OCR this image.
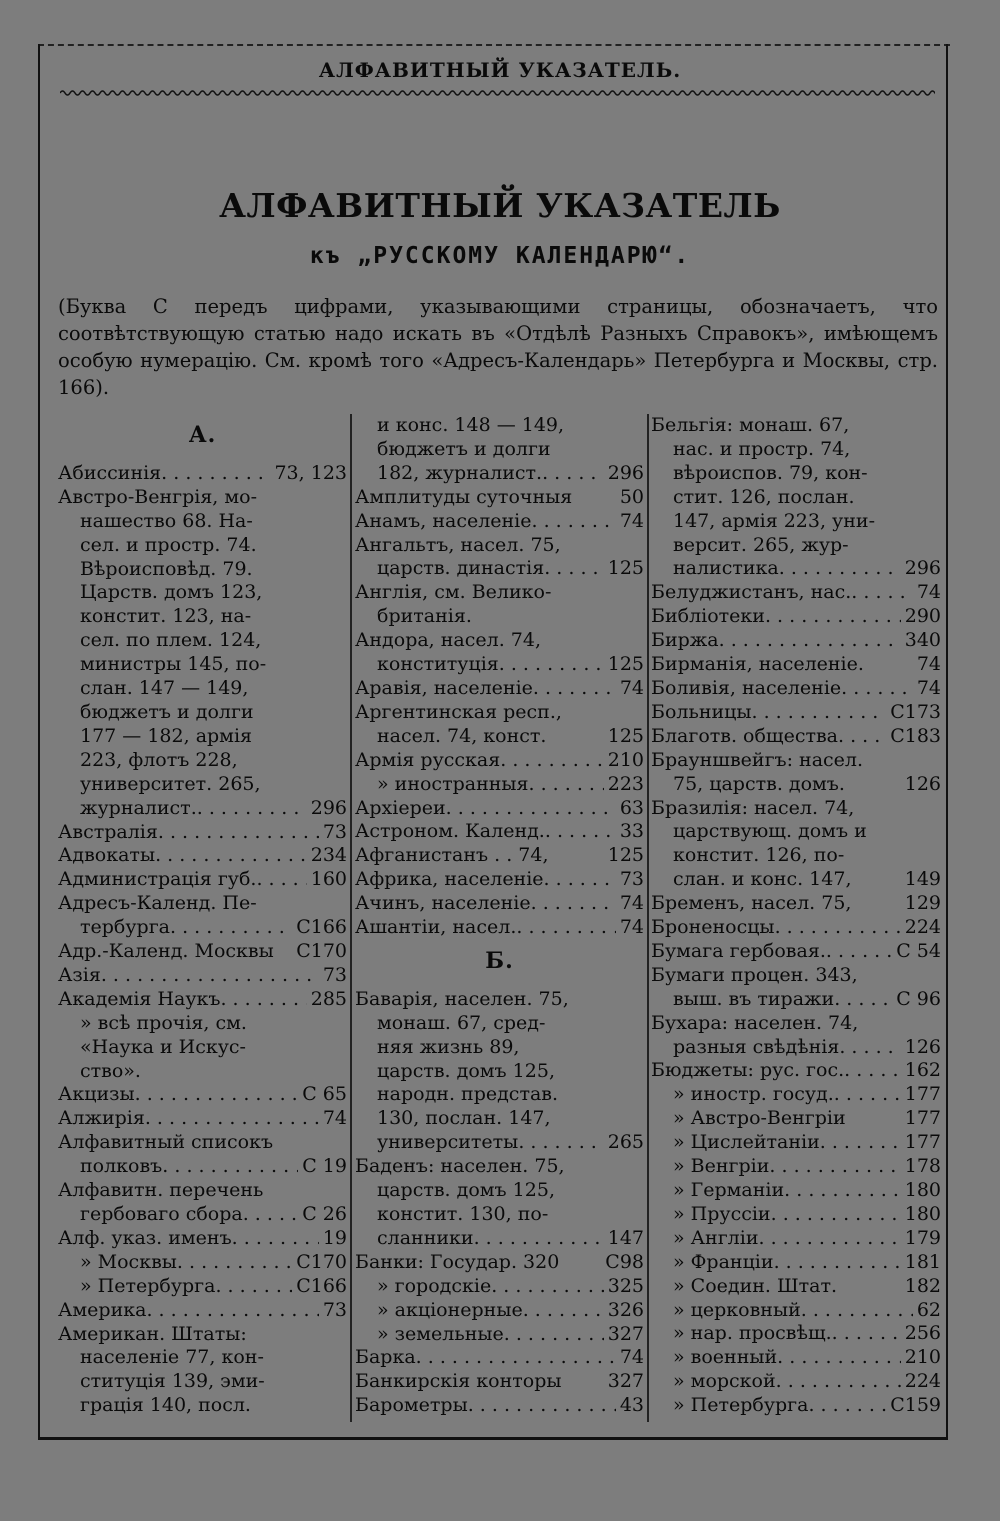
АЛФАВИТНЫЙ УКАЗАТЕЛЬ.
АЛФАВИТНЫЙ УКАЗАТЕЛЬ
къ „РУССКОМУ КАЛЕНДАРЮ“.
(Буква С передъ цифрами, указывающими страницы, обозначаетъ, что соотвѣтствующую статью надо искать въ «Отдѣлѣ Разныхъ Справокъ», имѣющемъ особую нумерацію. См. кромѣ того «Адресъ-Календарь» Петербурга и Москвы, стр. 166).
А.
Абиссинія . . .	73, 123
Австро-Венгрія, мо-
нашество 68. На-
сел. и простр. 74.
Вѣроисповѣд. 79.
Царств. домъ 123,
констит. 123, на-
сел. по плем. 124,
министры 145, по-
слан. 147 — 149,
бюджетъ и долги
177 — 182, армія
223, флотъ 228,
университет. 265,
журналист. . . .	296
Австралія . . .	73
Адвокаты . . .	234
Администрація губ. . . .	160
Адресъ-Календ. Пе-
тербурга . . .	С166
Адр.-Календ. Москвы С170
Азія . . .	73
Академія Наукъ . . .	285
» всѣ прочія, см.
«Наука и Искус-
ство».
Акцизы . . .	С 65
Алжирія . . .	74
Алфавитный списокъ
полковъ . . .	С 19
Алфавитн. перечень
гербоваго сбора . . .	С 26
Алф. указ. именъ . . .	19
» Москвы . . .	С170
» Петербурга . . .	С166
Америка . . .	73
Американ. Штаты:
населеніе 77, кон-
ституція 139, эми-
грація 140, посл.
и конс. 148 — 149,
бюджетъ и долги
182, журналист. . . .	296
Амплитуды суточныя	50
Анамъ, населеніе . . .	74
Ангальтъ, насел. 75,
царств. династія . . .	125
Англія, см. Велико-
британія.
Андора, насел. 74,
конституція . . .	125
Аравія, населеніе . . .	74
Аргентинская респ.,
насел. 74, конст.	125
Армія русская . . .	210
» иностранныя . . .	223
Архіереи . . .	63
Астроном. Календ. . . .	33
Афганистанъ . . 74,	125
Африка, населеніе . . .	73
Ачинъ, населеніе . . .	74
Ашантіи, насел. . . .	74
Б.
Баварія, населен. 75,
монаш. 67, сред-
няя жизнь 89,
царств. домъ 125,
народн. представ.
130, послан. 147,
университеты . . .	265
Баденъ: населен. 75,
царств. домъ 125,
констит. 130, по-
сланники . . .	147
Банки: Государ. 320 С98
» городскіе . . .	325
» акціонерные . . .	326
» земельные . . .	327
Барка . . .	74
Банкирскія конторы 327
Барометры . . .	43
Бельгія: монаш. 67,
нас. и простр. 74,
вѣроиспов. 79, кон-
стит. 126, послан.
147, армія 223, уни-
версит. 265, жур-
налистика . . .	296
Белуджистанъ, нас. . . .	74
Библіотеки . . .	290
Биржа . . .	340
Бирманія, населеніе.	74
Боливія, населеніе . . .	74
Больницы . . .	С173
Благотв. общества . . .	С183
Брауншвейгъ: насел.
75, царств. домъ.	126
Бразилія: насел. 74,
царствующ. домъ и
констит. 126, по-
слан. и конс. 147,	149
Бременъ, насел. 75,	129
Броненосцы . . .	224
Бумага гербовая. . . .	С 54
Бумаги процен. 343,
выш. въ тиражи . . .	С 96
Бухара: населен. 74,
разныя свѣдѣнія . . .	126
Бюджеты: рус. гос. . . .	162
» иностр. госуд. . . .	177
» Австро-Венгріи	177
» Цислейтаніи . . .	177
» Венгріи . . .	178
» Германіи . . .	180
» Пруссіи . . .	180
» Англіи . . .	179
» Франціи . . .	181
» Соедин. Штат.	182
» церковный . . .	62
» нар. просвѣщ. . . .	256
» военный . . .	210
» морской . . .	224
» Петербурга . . .	С159
